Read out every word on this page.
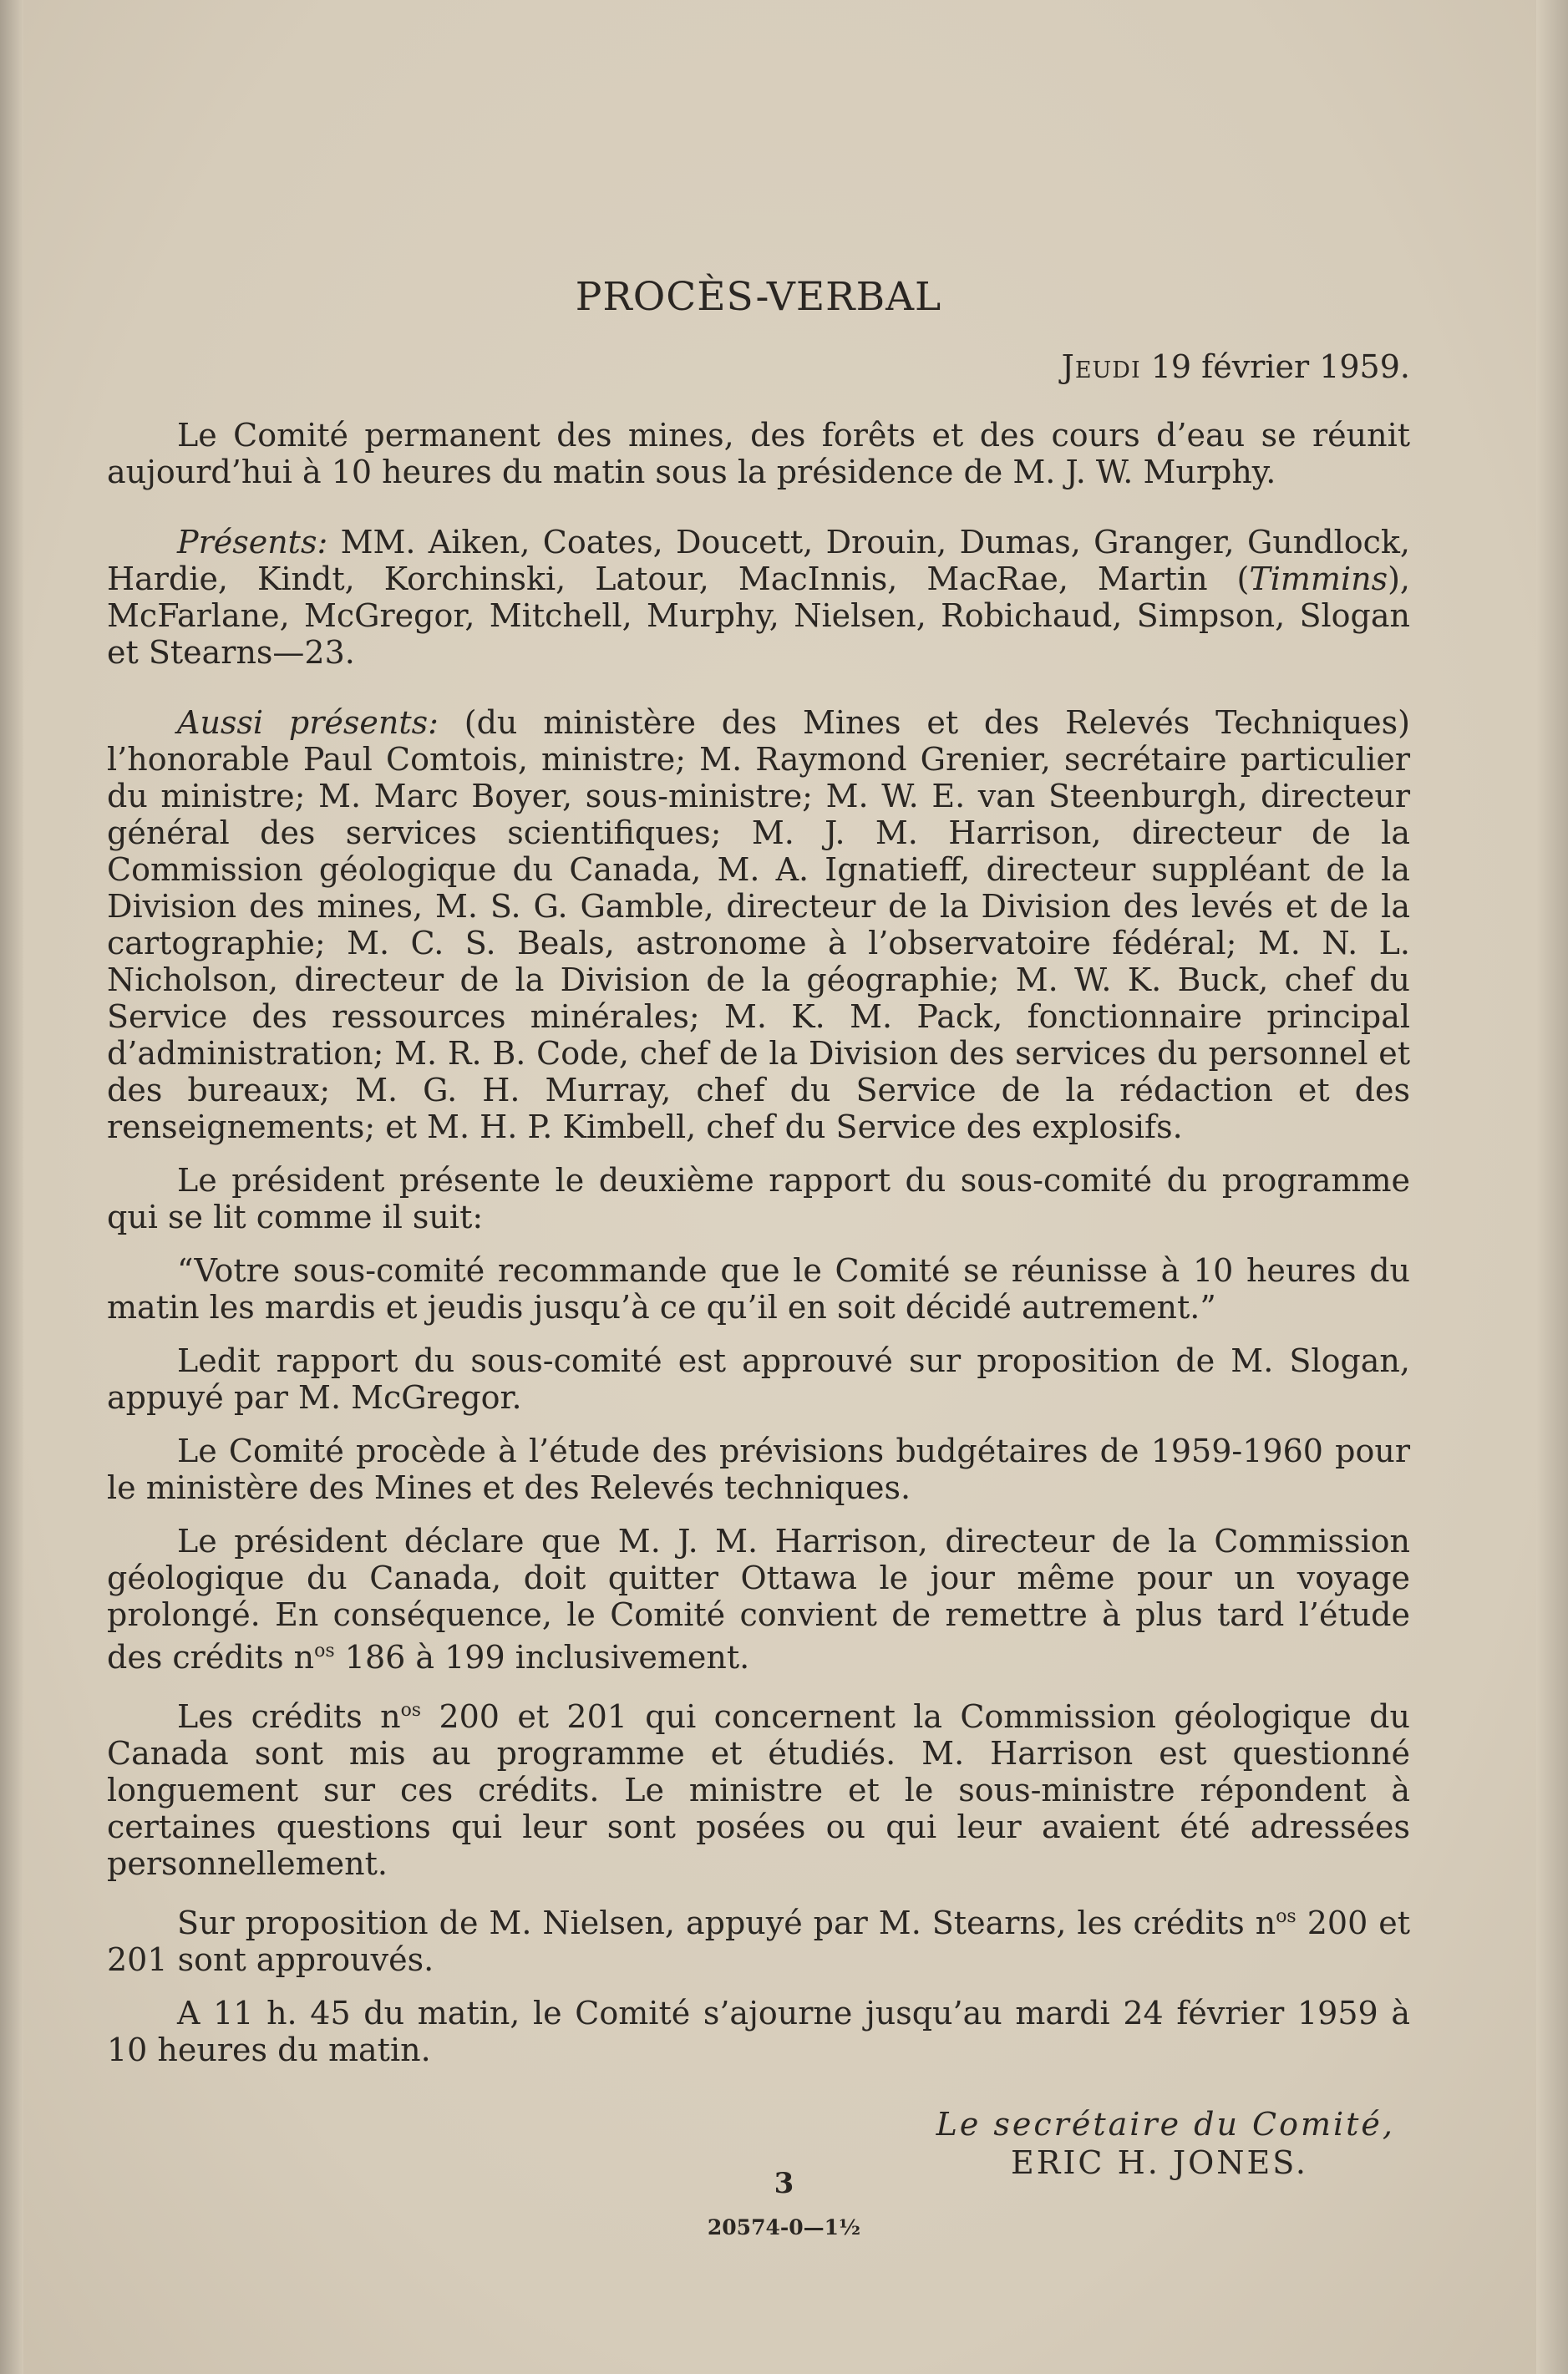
PROCÈS-VERBAL
Jeudi 19 février 1959.

Le Comité permanent des mines, des forêts et des cours d’eau se réunit aujourd’hui à 10 heures du matin sous la présidence de M. J. W. Murphy.

Présents: MM. Aiken, Coates, Doucett, Drouin, Dumas, Granger, Gundlock, Hardie, Kindt, Korchinski, Latour, MacInnis, MacRae, Martin (Timmins), McFarlane, McGregor, Mitchell, Murphy, Nielsen, Robichaud, Simpson, Slogan et Stearns—23.

Aussi présents: (du ministère des Mines et des Relevés Techniques) l’honorable Paul Comtois, ministre; M. Raymond Grenier, secrétaire particulier du ministre; M. Marc Boyer, sous-ministre; M. W. E. van Steenburgh, directeur général des services scientifiques; M. J. M. Harrison, directeur de la Commission géologique du Canada, M. A. Ignatieff, directeur suppléant de la Division des mines, M. S. G. Gamble, directeur de la Division des levés et de la cartographie; M. C. S. Beals, astronome à l’observatoire fédéral; M. N. L. Nicholson, directeur de la Division de la géographie; M. W. K. Buck, chef du Service des ressources minérales; M. K. M. Pack, fonctionnaire principal d’administration; M. R. B. Code, chef de la Division des services du personnel et des bureaux; M. G. H. Murray, chef du Service de la rédaction et des renseignements; et M. H. P. Kimbell, chef du Service des explosifs.

Le président présente le deuxième rapport du sous-comité du programme qui se lit comme il suit:

“Votre sous-comité recommande que le Comité se réunisse à 10 heures du matin les mardis et jeudis jusqu’à ce qu’il en soit décidé autrement.”

Ledit rapport du sous-comité est approuvé sur proposition de M. Slogan, appuyé par M. McGregor.

Le Comité procède à l’étude des prévisions budgétaires de 1959-1960 pour le ministère des Mines et des Relevés techniques.

Le président déclare que M. J. M. Harrison, directeur de la Commission géologique du Canada, doit quitter Ottawa le jour même pour un voyage prolongé. En conséquence, le Comité convient de remettre à plus tard l’étude des crédits $n^{os}$ 186 à 199 inclusivement.

Les crédits $n^{os}$ 200 et 201 qui concernent la Commission géologique du Canada sont mis au programme et étudiés. M. Harrison est questionné longuement sur ces crédits. Le ministre et le sous-ministre répondent à certaines questions qui leur sont posées ou qui leur avaient été adressées personnellement.

Sur proposition de M. Nielsen, appuyé par M. Stearns, les crédits $n^{os}$ 200 et 201 sont approuvés.

A 11 h. 45 du matin, le Comité s’ajourne jusqu’au mardi 24 février 1959 à 10 heures du matin.

Le secrétaire du Comité,
ERIC H. JONES.
3
20574-0—1½
